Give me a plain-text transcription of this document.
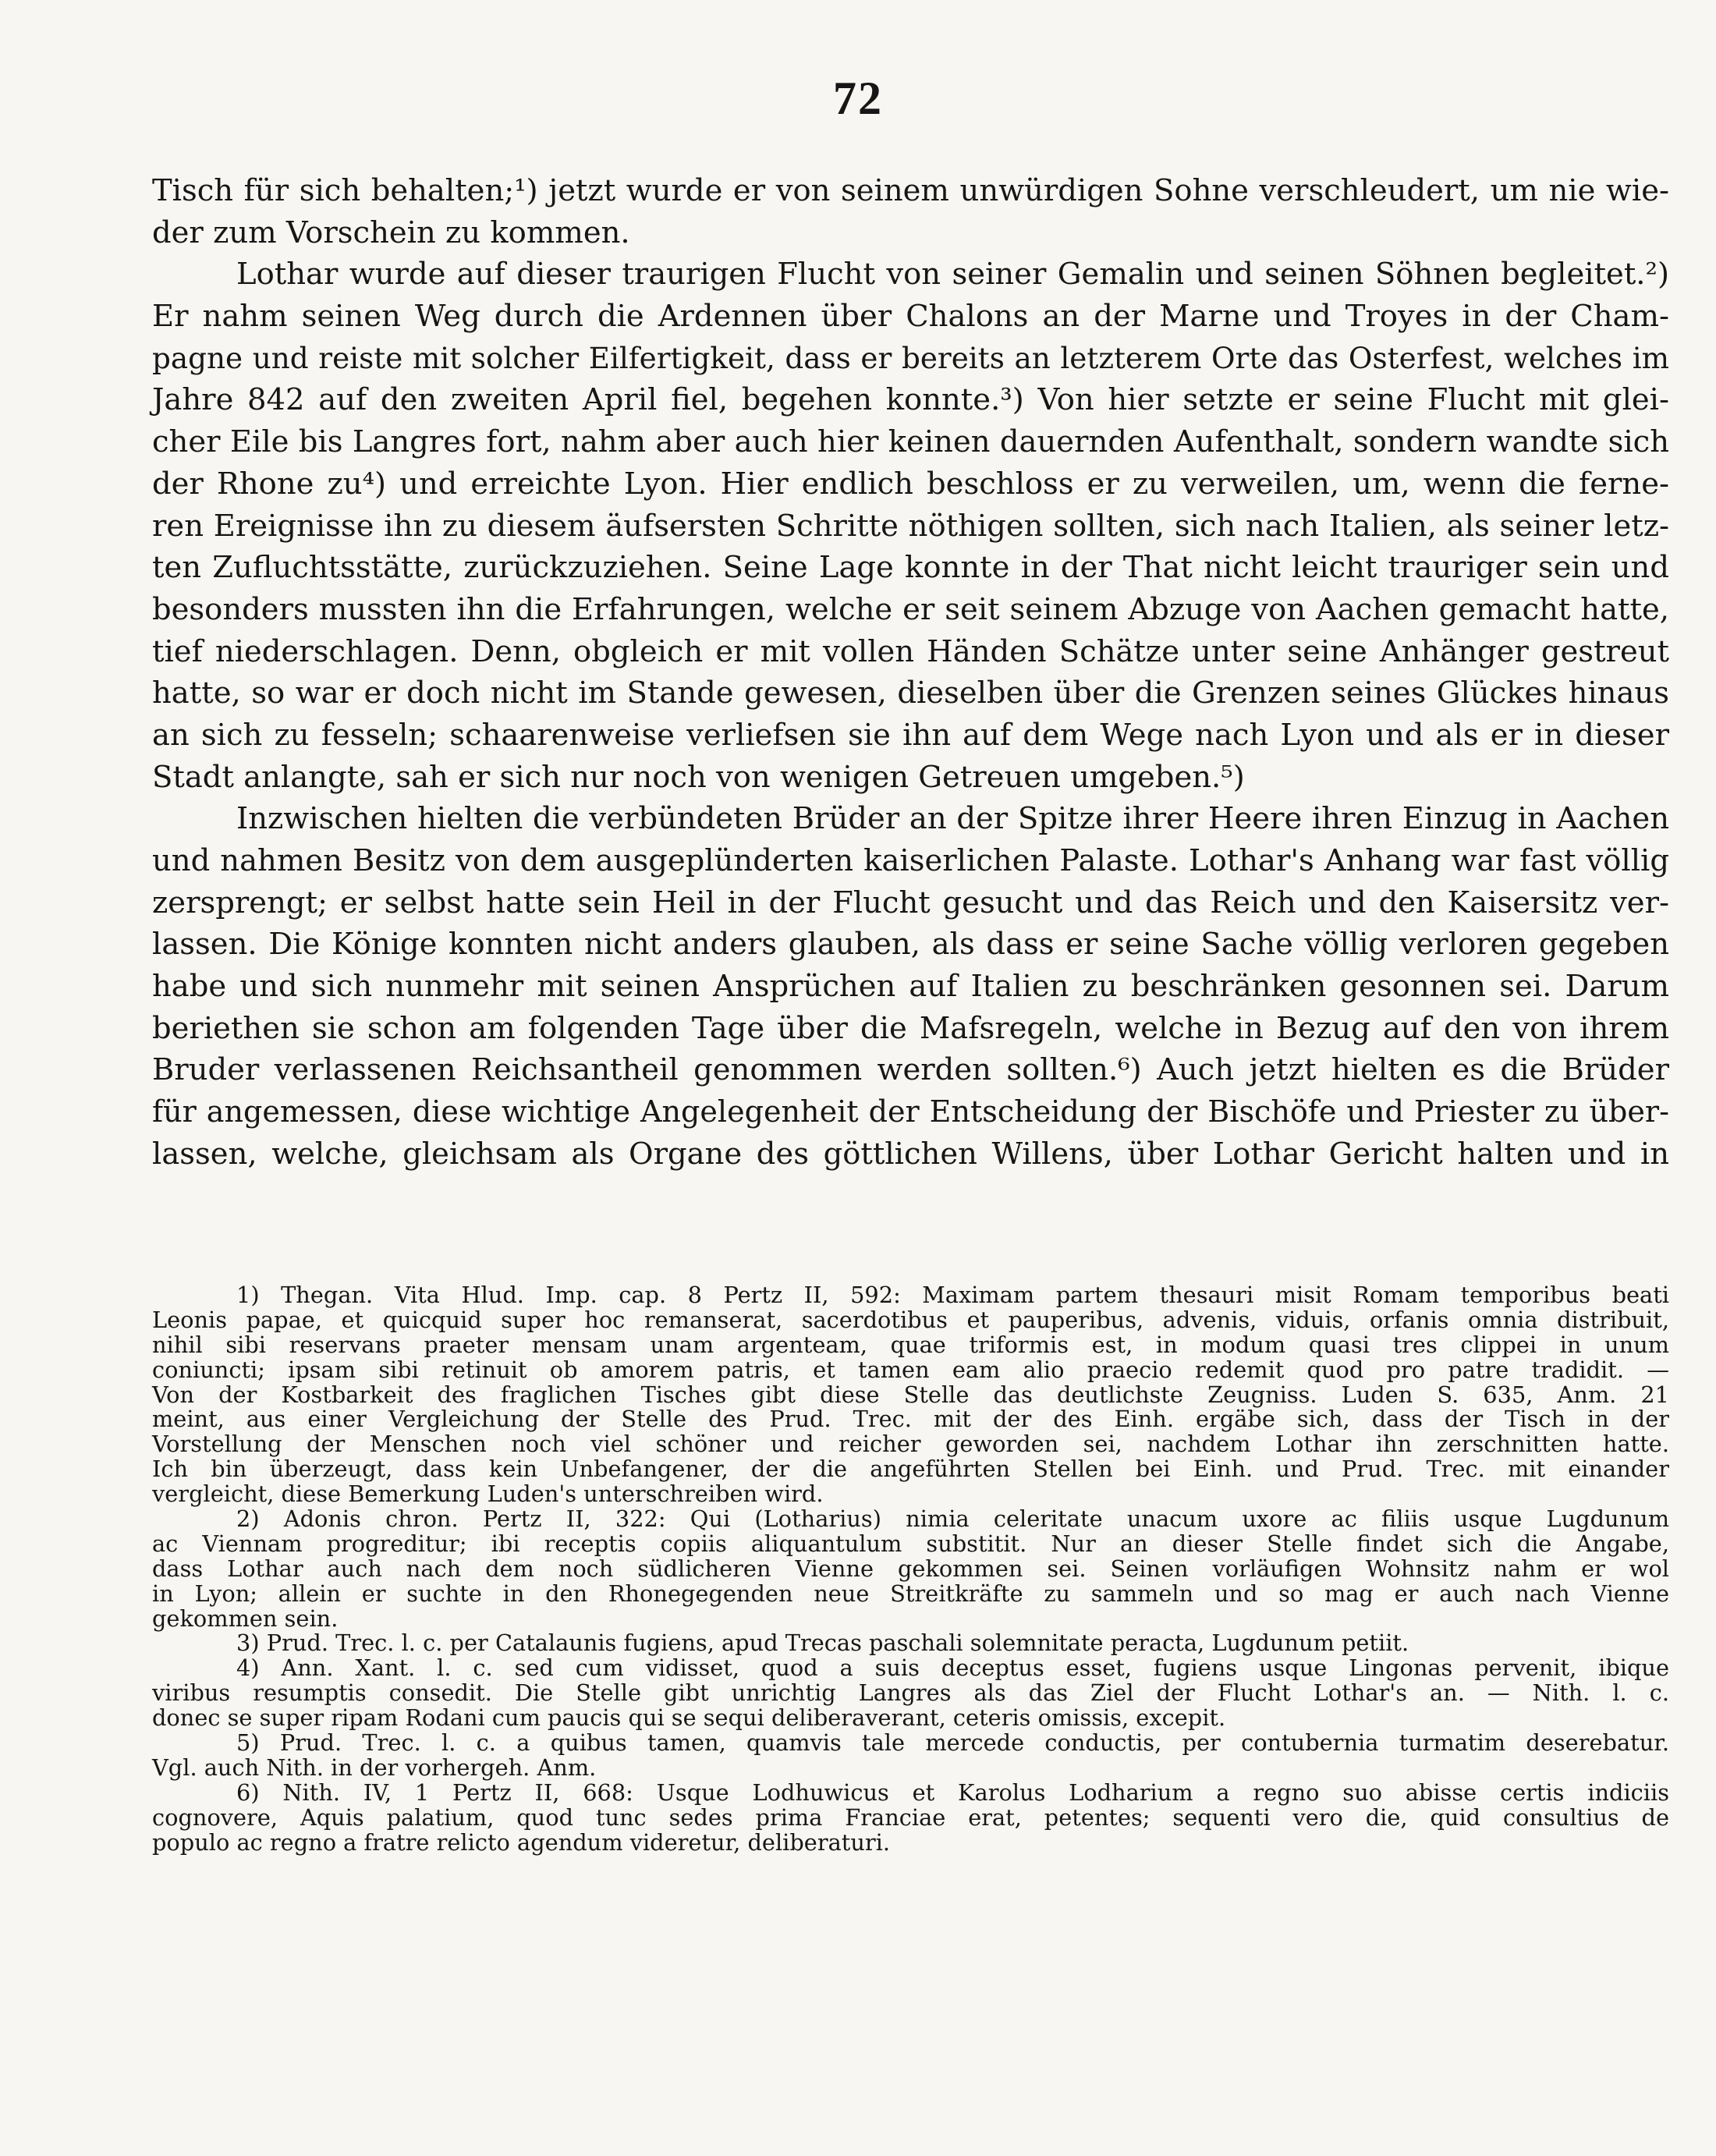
72
Tisch für sich behalten;¹) jetzt wurde er von seinem unwürdigen Sohne verschleudert, um nie wie-
der zum Vorschein zu kommen.
Lothar wurde auf dieser traurigen Flucht von seiner Gemalin und seinen Söhnen begleitet.²)
Er nahm seinen Weg durch die Ardennen über Chalons an der Marne und Troyes in der Cham-
pagne und reiste mit solcher Eilfertigkeit, dass er bereits an letzterem Orte das Osterfest, welches im
Jahre 842 auf den zweiten April fiel, begehen konnte.³) Von hier setzte er seine Flucht mit glei-
cher Eile bis Langres fort, nahm aber auch hier keinen dauernden Aufenthalt, sondern wandte sich
der Rhone zu⁴) und erreichte Lyon. Hier endlich beschloss er zu verweilen, um, wenn die ferne-
ren Ereignisse ihn zu diesem äufsersten Schritte nöthigen sollten, sich nach Italien, als seiner letz-
ten Zufluchtsstätte, zurückzuziehen. Seine Lage konnte in der That nicht leicht trauriger sein und
besonders mussten ihn die Erfahrungen, welche er seit seinem Abzuge von Aachen gemacht hatte,
tief niederschlagen. Denn, obgleich er mit vollen Händen Schätze unter seine Anhänger gestreut
hatte, so war er doch nicht im Stande gewesen, dieselben über die Grenzen seines Glückes hinaus
an sich zu fesseln; schaarenweise verliefsen sie ihn auf dem Wege nach Lyon und als er in dieser
Stadt anlangte, sah er sich nur noch von wenigen Getreuen umgeben.⁵)
Inzwischen hielten die verbündeten Brüder an der Spitze ihrer Heere ihren Einzug in Aachen
und nahmen Besitz von dem ausgeplünderten kaiserlichen Palaste. Lothar's Anhang war fast völlig
zersprengt; er selbst hatte sein Heil in der Flucht gesucht und das Reich und den Kaisersitz ver-
lassen. Die Könige konnten nicht anders glauben, als dass er seine Sache völlig verloren gegeben
habe und sich nunmehr mit seinen Ansprüchen auf Italien zu beschränken gesonnen sei. Darum
beriethen sie schon am folgenden Tage über die Mafsregeln, welche in Bezug auf den von ihrem
Bruder verlassenen Reichsantheil genommen werden sollten.⁶) Auch jetzt hielten es die Brüder
für angemessen, diese wichtige Angelegenheit der Entscheidung der Bischöfe und Priester zu über-
lassen, welche, gleichsam als Organe des göttlichen Willens, über Lothar Gericht halten und in
1) Thegan. Vita Hlud. Imp. cap. 8 Pertz II, 592: Maximam partem thesauri misit Romam temporibus beati
Leonis papae, et quicquid super hoc remanserat, sacerdotibus et pauperibus, advenis, viduis, orfanis omnia distribuit,
nihil sibi reservans praeter mensam unam argenteam, quae triformis est, in modum quasi tres clippei in unum
coniuncti; ipsam sibi retinuit ob amorem patris, et tamen eam alio praecio redemit quod pro patre tradidit. —
Von der Kostbarkeit des fraglichen Tisches gibt diese Stelle das deutlichste Zeugniss. Luden S. 635, Anm. 21
meint, aus einer Vergleichung der Stelle des Prud. Trec. mit der des Einh. ergäbe sich, dass der Tisch in der
Vorstellung der Menschen noch viel schöner und reicher geworden sei, nachdem Lothar ihn zerschnitten hatte.
Ich bin überzeugt, dass kein Unbefangener, der die angeführten Stellen bei Einh. und Prud. Trec. mit einander
vergleicht, diese Bemerkung Luden's unterschreiben wird.
2) Adonis chron. Pertz II, 322: Qui (Lotharius) nimia celeritate unacum uxore ac filiis usque Lugdunum
ac Viennam progreditur; ibi receptis copiis aliquantulum substitit. Nur an dieser Stelle findet sich die Angabe,
dass Lothar auch nach dem noch südlicheren Vienne gekommen sei. Seinen vorläufigen Wohnsitz nahm er wol
in Lyon; allein er suchte in den Rhonegegenden neue Streitkräfte zu sammeln und so mag er auch nach Vienne
gekommen sein.
3) Prud. Trec. l. c. per Catalaunis fugiens, apud Trecas paschali solemnitate peracta, Lugdunum petiit.
4) Ann. Xant. l. c. sed cum vidisset, quod a suis deceptus esset, fugiens usque Lingonas pervenit, ibique
viribus resumptis consedit. Die Stelle gibt unrichtig Langres als das Ziel der Flucht Lothar's an. — Nith. l. c.
donec se super ripam Rodani cum paucis qui se sequi deliberaverant, ceteris omissis, excepit.
5) Prud. Trec. l. c. a quibus tamen, quamvis tale mercede conductis, per contubernia turmatim deserebatur.
Vgl. auch Nith. in der vorhergeh. Anm.
6) Nith. IV, 1 Pertz II, 668: Usque Lodhuwicus et Karolus Lodharium a regno suo abisse certis indiciis
cognovere, Aquis palatium, quod tunc sedes prima Franciae erat, petentes; sequenti vero die, quid consultius de
populo ac regno a fratre relicto agendum videretur, deliberaturi.
